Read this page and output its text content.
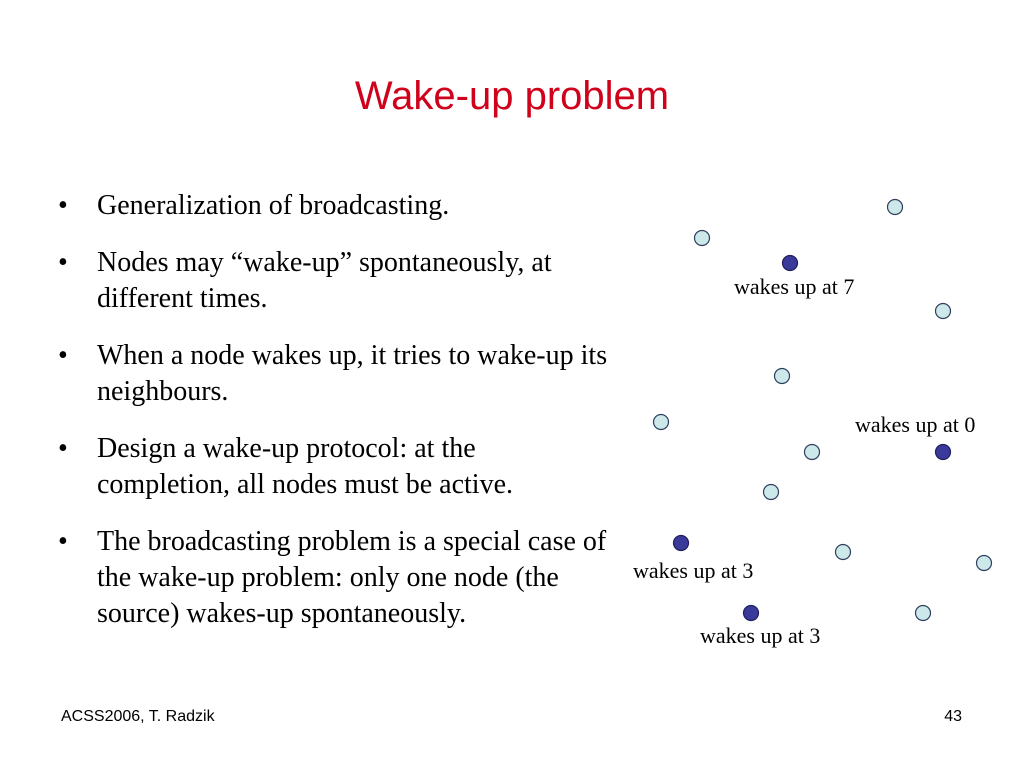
Wake-up problem
• Generalization of broadcasting.
• Nodes may “wake-up” spontaneously, at different times.
• When a node wakes up, it tries to wake-up its neighbours.
• Design a wake-up protocol: at the completion, all nodes must be active.
• The broadcasting problem is a special case of the wake-up problem: only one node (the source) wakes-up spontaneously.
wakes up at 7
wakes up at 0
wakes up at 3
wakes up at 3
ACSS2006, T. Radzik	43
